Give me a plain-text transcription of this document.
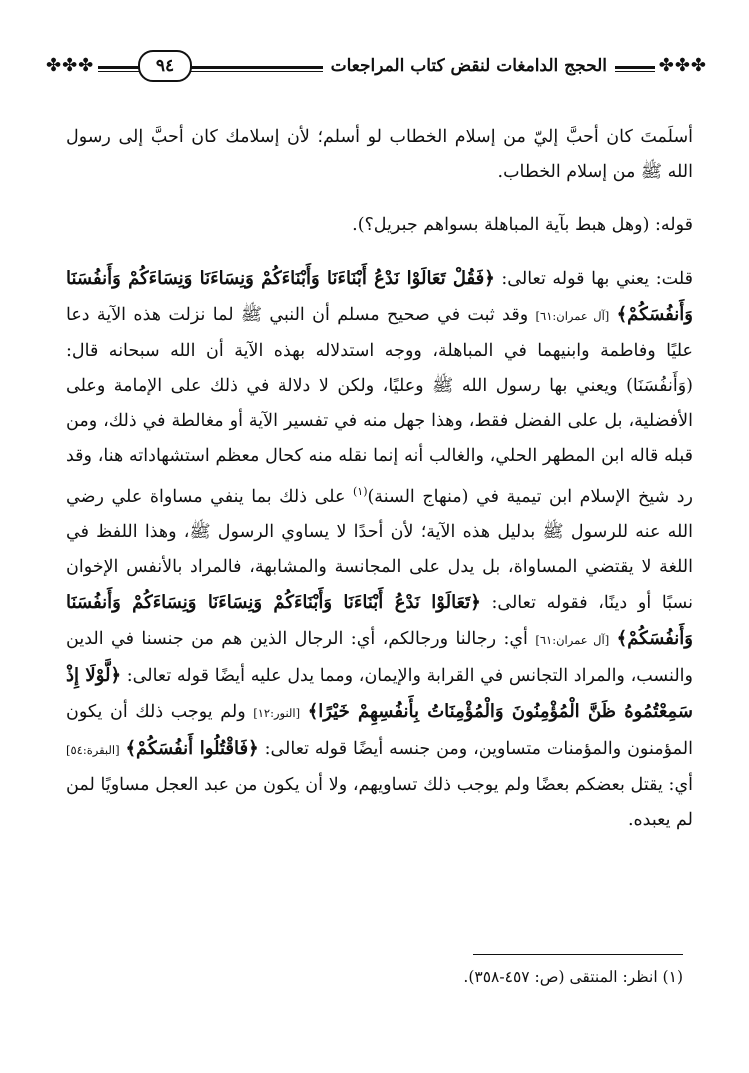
✤✤✤
الحجج الدامغات لنقض كتاب المراجعات
٩٤
✤✤✤

أسلَمتَ كان أحبَّ إليّ من إسلام الخطاب لو أسلم؛ لأن إسلامك كان أحبَّ إلى رسول الله ﷺ من إسلام الخطاب.

قوله: (وهل هبط بآية المباهلة بسواهم جبريل؟).

قلت: يعني بها قوله تعالى: ﴿فَقُلْ تَعَالَوْا نَدْعُ أَبْنَاءَنَا وَأَبْنَاءَكُمْ وَنِسَاءَنَا وَنِسَاءَكُمْ وَأَنفُسَنَا وَأَنفُسَكُمْ﴾ [آل عمران:٦١] وقد ثبت في صحيح مسلم أن النبي ﷺ لما نزلت هذه الآية دعا عليًا وفاطمة وابنيهما في المباهلة، ووجه استدلاله بهذه الآية أن الله سبحانه قال: (وَأَنفُسَنَا) ويعني بها رسول الله ﷺ وعليًا، ولكن لا دلالة في ذلك على الإمامة وعلى الأفضلية، بل على الفضل فقط، وهذا جهل منه في تفسير الآية أو مغالطة في ذلك، ومن قبله قاله ابن المطهر الحلي، والغالب أنه إنما نقله منه كحال معظم استشهاداته هنا، وقد رد شيخ الإسلام ابن تيمية في (منهاج السنة)$^{(١)}$ على ذلك بما ينفي مساواة علي رضي الله عنه للرسول ﷺ بدليل هذه الآية؛ لأن أحدًا لا يساوي الرسول ﷺ، وهذا اللفظ في اللغة لا يقتضي المساواة، بل يدل على المجانسة والمشابهة، فالمراد بالأنفس الإخوان نسبًا أو دينًا، فقوله تعالى: ﴿تَعَالَوْا نَدْعُ أَبْنَاءَنَا وَأَبْنَاءَكُمْ وَنِسَاءَنَا وَنِسَاءَكُمْ وَأَنفُسَنَا وَأَنفُسَكُمْ﴾ [آل عمران:٦١] أي: رجالنا ورجالكم، أي: الرجال الذين هم من جنسنا في الدين والنسب، والمراد التجانس في القرابة والإيمان، ومما يدل عليه أيضًا قوله تعالى: ﴿لَّوْلَا إِذْ سَمِعْتُمُوهُ ظَنَّ الْمُؤْمِنُونَ وَالْمُؤْمِنَاتُ بِأَنفُسِهِمْ خَيْرًا﴾ [النور:١٢] ولم يوجب ذلك أن يكون المؤمنون والمؤمنات متساوين، ومن جنسه أيضًا قوله تعالى: ﴿فَاقْتُلُوا أَنفُسَكُمْ﴾ [البقرة:٥٤] أي: يقتل بعضكم بعضًا ولم يوجب ذلك تساويهم، ولا أن يكون من عبد العجل مساويًا لمن لم يعبده.

(١) انظر: المنتقى (ص: ٤٥٧-٣٥٨).
